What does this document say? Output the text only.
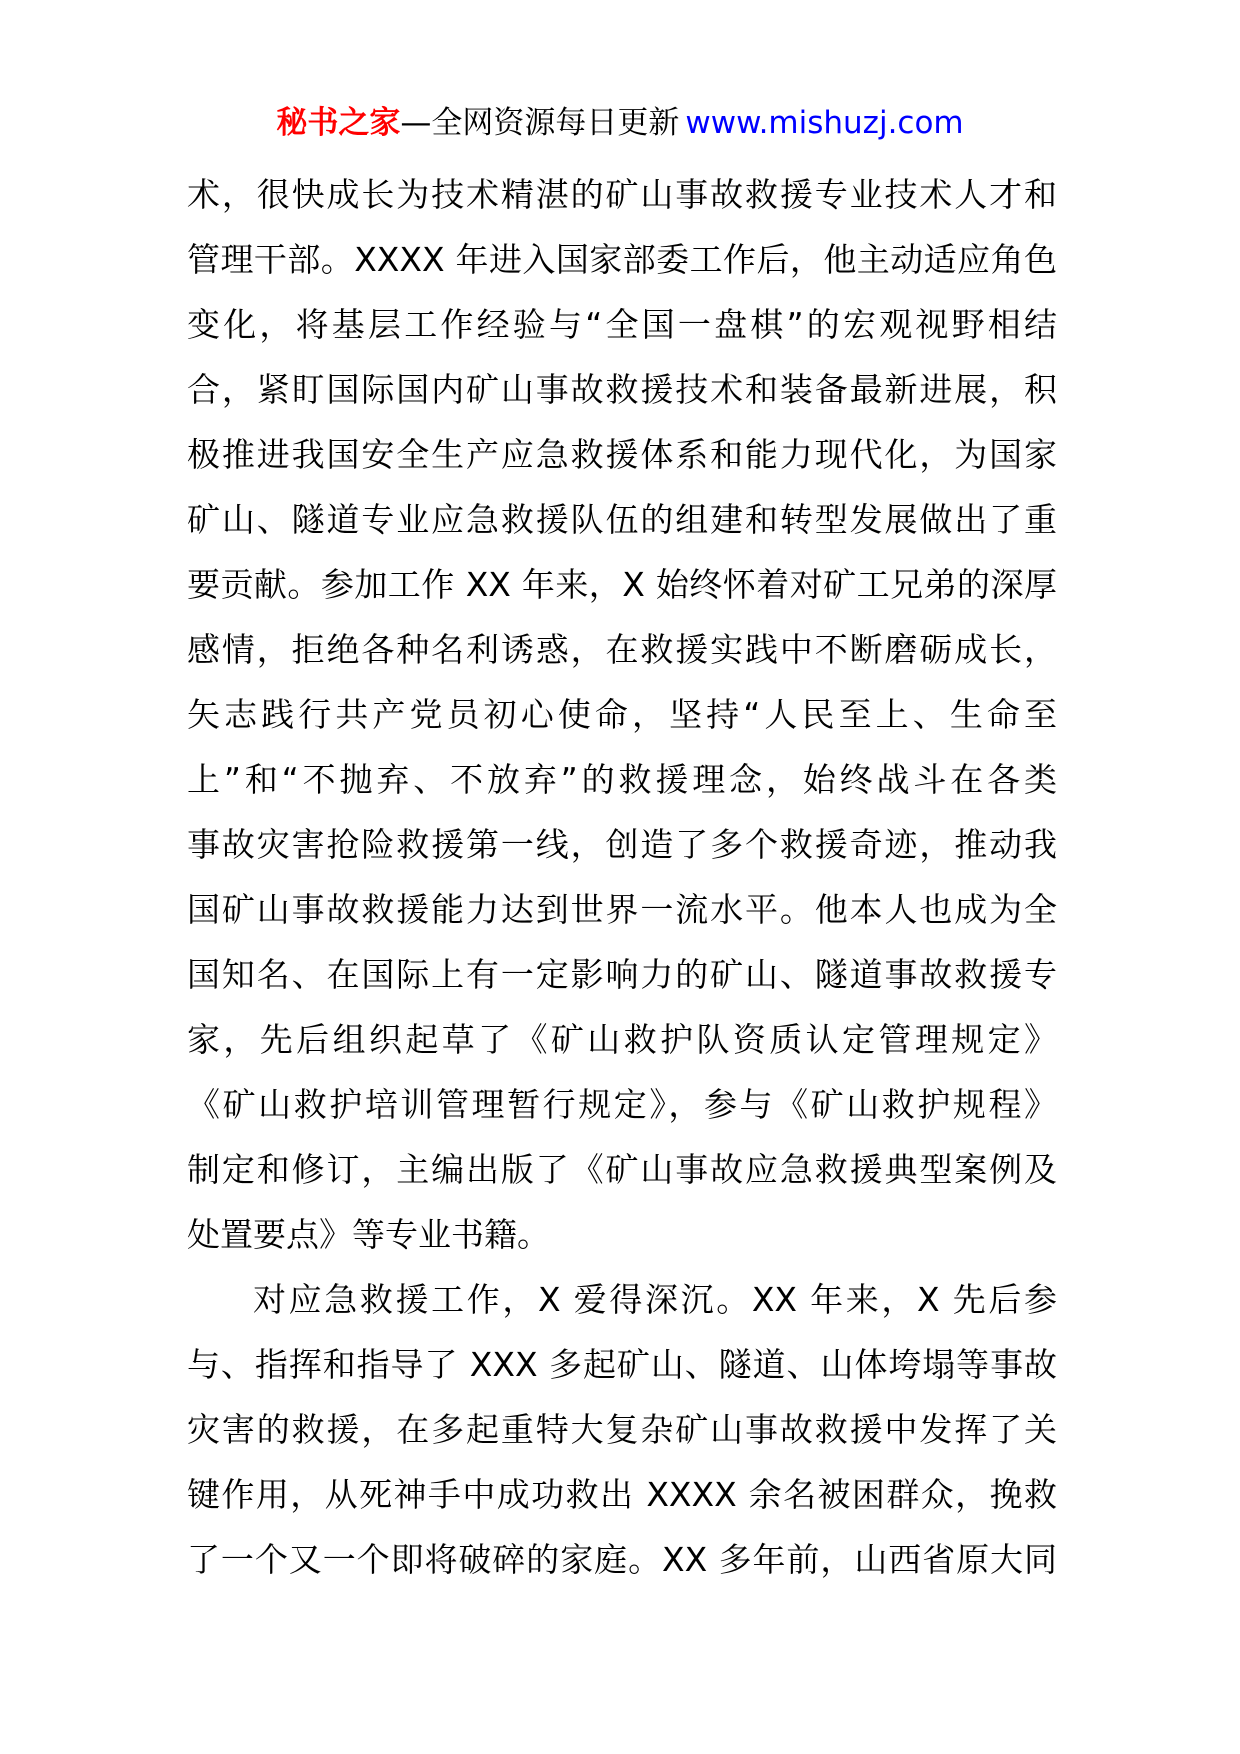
秘书之家—全网资源每日更新 www.mishuzj.com
术，很快成长为技术精湛的矿山事故救援专业技术人才和
管理干部。XXXX 年进入国家部委工作后，他主动适应角色
变化，将基层工作经验与“全国一盘棋”的宏观视野相结
合，紧盯国际国内矿山事故救援技术和装备最新进展，积
极推进我国安全生产应急救援体系和能力现代化，为国家
矿山、隧道专业应急救援队伍的组建和转型发展做出了重
要贡献。参加工作 XX 年来，X 始终怀着对矿工兄弟的深厚
感情，拒绝各种名利诱惑，在救援实践中不断磨砺成长，
矢志践行共产党员初心使命，坚持“人民至上、生命至
上”和“不抛弃、不放弃”的救援理念，始终战斗在各类
事故灾害抢险救援第一线，创造了多个救援奇迹，推动我
国矿山事故救援能力达到世界一流水平。他本人也成为全
国知名、在国际上有一定影响力的矿山、隧道事故救援专
家，先后组织起草了《矿山救护队资质认定管理规定》
《矿山救护培训管理暂行规定》，参与《矿山救护规程》
制定和修订，主编出版了《矿山事故应急救援典型案例及
处置要点》等专业书籍。
对应急救援工作，X 爱得深沉。XX 年来，X 先后参
与、指挥和指导了 XXX 多起矿山、隧道、山体垮塌等事故
灾害的救援，在多起重特大复杂矿山事故救援中发挥了关
键作用，从死神手中成功救出 XXXX 余名被困群众，挽救
了一个又一个即将破碎的家庭。XX 多年前，山西省原大同
